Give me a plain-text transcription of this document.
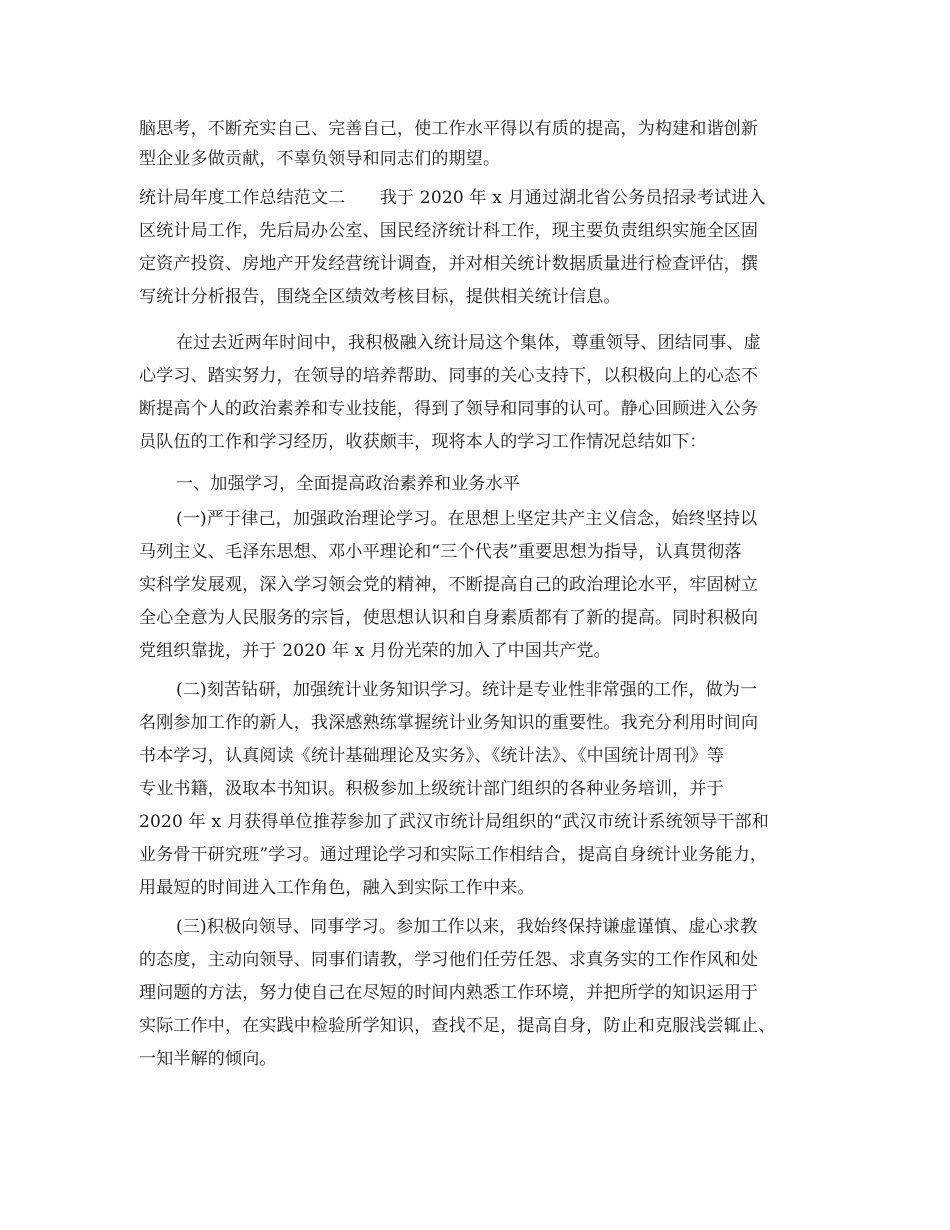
脑思考，不断充实自己、完善自己，使工作水平得以有质的提高，为构建和谐创新
型企业多做贡献，不辜负领导和同志们的期望。
统计局年度工作总结范文二　　我于 2020 年 x 月通过湖北省公务员招录考试进入
区统计局工作，先后局办公室、国民经济统计科工作，现主要负责组织实施全区固
定资产投资、房地产开发经营统计调查，并对相关统计数据质量进行检查评估，撰
写统计分析报告，围绕全区绩效考核目标，提供相关统计信息。
在过去近两年时间中，我积极融入统计局这个集体，尊重领导、团结同事、虚
心学习、踏实努力，在领导的培养帮助、同事的关心支持下，以积极向上的心态不
断提高个人的政治素养和专业技能，得到了领导和同事的认可。静心回顾进入公务
员队伍的工作和学习经历，收获颇丰，现将本人的学习工作情况总结如下：
一、加强学习，全面提高政治素养和业务水平
(一)严于律己，加强政治理论学习。在思想上坚定共产主义信念，始终坚持以
马列主义、毛泽东思想、邓小平理论和“三个代表”重要思想为指导，认真贯彻落
实科学发展观，深入学习领会党的精神，不断提高自己的政治理论水平，牢固树立
全心全意为人民服务的宗旨，使思想认识和自身素质都有了新的提高。同时积极向
党组织靠拢，并于 2020 年 x 月份光荣的加入了中国共产党。
(二)刻苦钻研，加强统计业务知识学习。统计是专业性非常强的工作，做为一
名刚参加工作的新人，我深感熟练掌握统计业务知识的重要性。我充分利用时间向
书本学习，认真阅读《统计基础理论及实务》、《统计法》、《中国统计周刊》等
专业书籍，汲取本书知识。积极参加上级统计部门组织的各种业务培训，并于
2020 年 x 月获得单位推荐参加了武汉市统计局组织的“武汉市统计系统领导干部和
业务骨干研究班”学习。通过理论学习和实际工作相结合，提高自身统计业务能力，
用最短的时间进入工作角色，融入到实际工作中来。
(三)积极向领导、同事学习。参加工作以来，我始终保持谦虚谨慎、虚心求教
的态度，主动向领导、同事们请教，学习他们任劳任怨、求真务实的工作作风和处
理问题的方法，努力使自己在尽短的时间内熟悉工作环境，并把所学的知识运用于
实际工作中，在实践中检验所学知识，查找不足，提高自身，防止和克服浅尝辄止、
一知半解的倾向。
